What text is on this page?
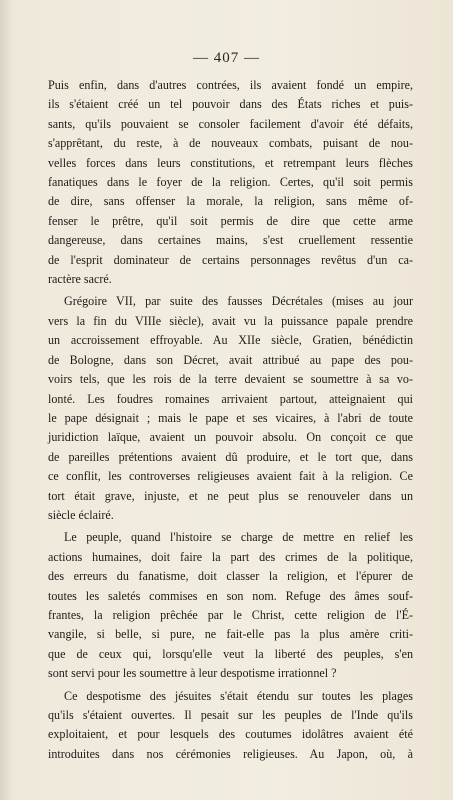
— 407 —

Puis enfin, dans d'autres contrées, ils avaient fondé un empire,
ils s'étaient créé un tel pouvoir dans des États riches et puis-
sants, qu'ils pouvaient se consoler facilement d'avoir été défaits,
s'apprêtant, du reste, à de nouveaux combats, puisant de nou-
velles forces dans leurs constitutions, et retrempant leurs flèches
fanatiques dans le foyer de la religion. Certes, qu'il soit permis
de dire, sans offenser la morale, la religion, sans même of-
fenser le prêtre, qu'il soit permis de dire que cette arme
dangereuse, dans certaines mains, s'est cruellement ressentie
de l'esprit dominateur de certains personnages revêtus d'un ca-
ractère sacré.

Grégoire VII, par suite des fausses Décrétales (mises au jour
vers la fin du VIIIe siècle), avait vu la puissance papale prendre
un accroissement effroyable. Au XIIe siècle, Gratien, bénédictin
de Bologne, dans son Décret, avait attribué au pape des pou-
voirs tels, que les rois de la terre devaient se soumettre à sa vo-
lonté. Les foudres romaines arrivaient partout, atteignaient qui
le pape désignait ; mais le pape et ses vicaires, à l'abri de toute
juridiction laïque, avaient un pouvoir absolu. On conçoit ce que
de pareilles prétentions avaient dû produire, et le tort que, dans
ce conflit, les controverses religieuses avaient fait à la religion. Ce
tort était grave, injuste, et ne peut plus se renouveler dans un
siècle éclairé.

Le peuple, quand l'histoire se charge de mettre en relief les
actions humaines, doit faire la part des crimes de la politique,
des erreurs du fanatisme, doit classer la religion, et l'épurer de
toutes les saletés commises en son nom. Refuge des âmes souf-
frantes, la religion prêchée par le Christ, cette religion de l'É-
vangile, si belle, si pure, ne fait-elle pas la plus amère criti-
que de ceux qui, lorsqu'elle veut la liberté des peuples, s'en
sont servi pour les soumettre à leur despotisme irrationnel ?

Ce despotisme des jésuites s'était étendu sur toutes les plages
qu'ils s'étaient ouvertes. Il pesait sur les peuples de l'Inde qu'ils
exploitaient, et pour lesquels des coutumes idolâtres avaient été
introduites dans nos cérémonies religieuses. Au Japon, où, à
